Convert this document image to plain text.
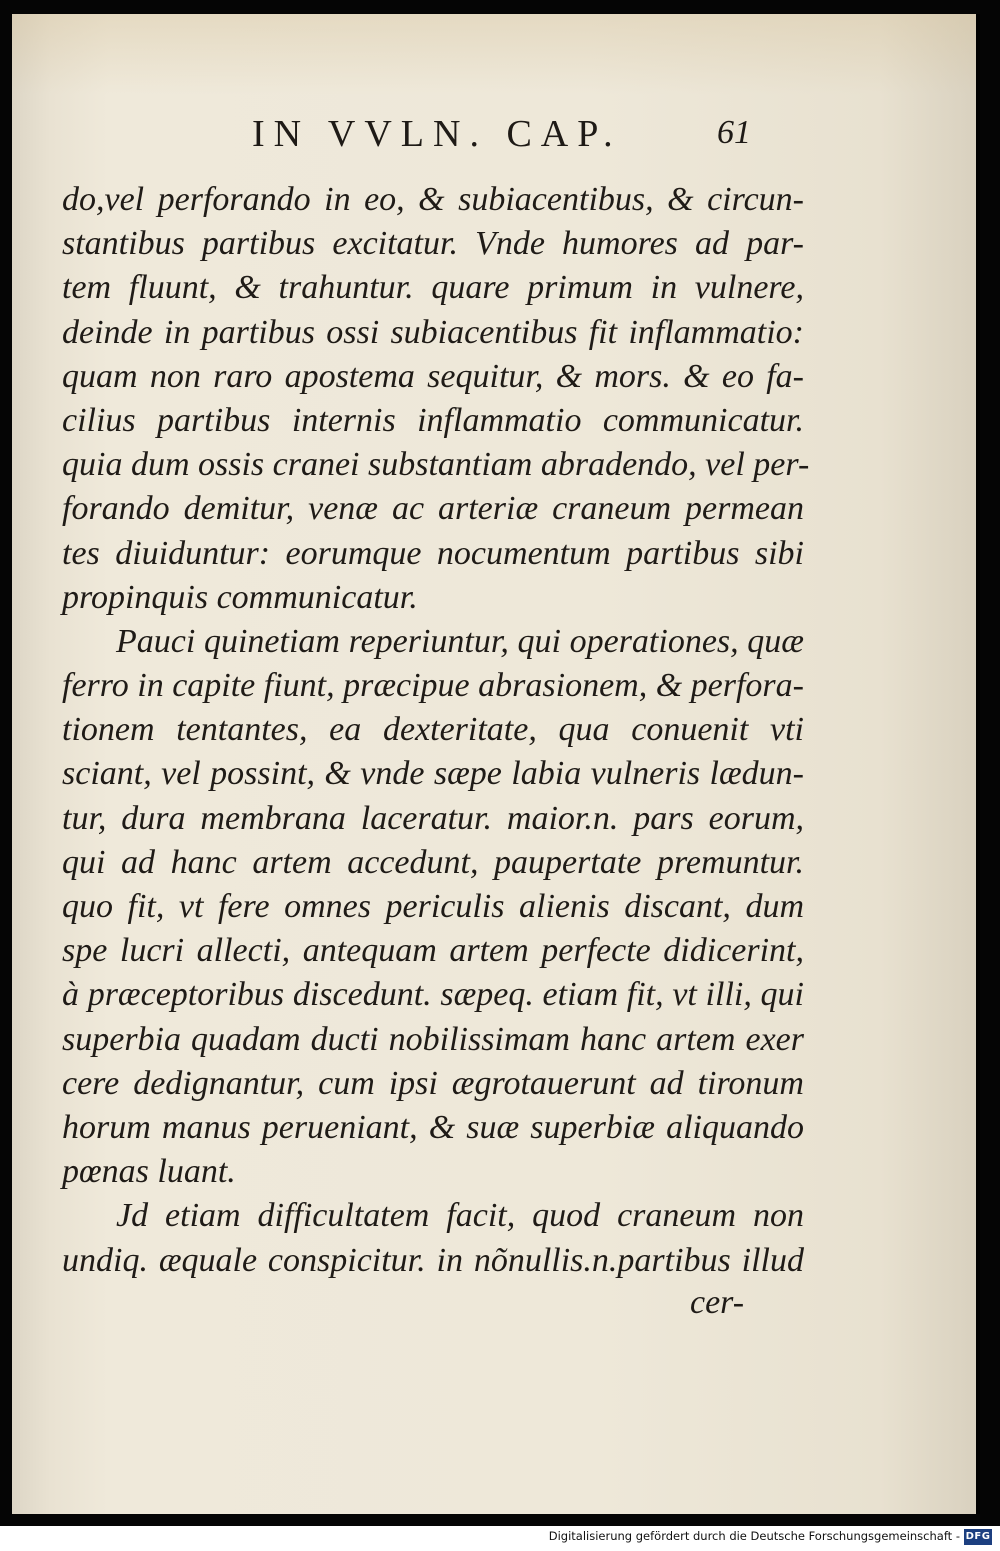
IN VVLN. CAP.	61
do,vel perforando in eo, & subiacentibus, & circun-
stantibus partibus excitatur. Vnde humores ad par-
tem fluunt, & trahuntur. quare primum in vulnere,
deinde in partibus ossi subiacentibus fit inflammatio:
quam non raro apostema sequitur, & mors. & eo fa-
cilius partibus internis inflammatio communicatur.
quia dum ossis cranei substantiam abradendo, vel per-
forando demitur, venæ ac arteriæ craneum permean
tes diuiduntur: eorumque nocumentum partibus sibi
propinquis communicatur.
Pauci quinetiam reperiuntur, qui operationes, quæ
ferro in capite fiunt, præcipue abrasionem, & perfora-
tionem tentantes, ea dexteritate, qua conuenit vti
sciant, vel possint, & vnde sæpe labia vulneris lædun-
tur, dura membrana laceratur. maior.n. pars eorum,
qui ad hanc artem accedunt, paupertate premuntur.
quo fit, vt fere omnes periculis alienis discant, dum
spe lucri allecti, antequam artem perfecte didicerint,
à præceptoribus discedunt. sæpeq. etiam fit, vt illi, qui
superbia quadam ducti nobilissimam hanc artem exer
cere dedignantur, cum ipsi ægrotauerunt ad tironum
horum manus perueniant, & suæ superbiæ aliquando
pœnas luant.
Jd etiam difficultatem facit, quod craneum non
undiq. æquale conspicitur. in nõnullis.n.partibus illud
cer-
Digitalisierung gefördert durch die Deutsche Forschungsgemeinschaft - DFG
